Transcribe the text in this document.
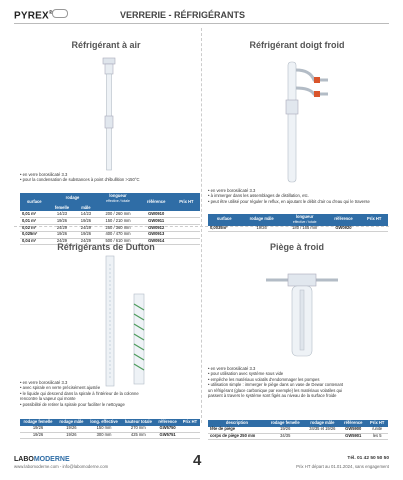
PYREX®	VERRERIE - RÉFRIGÉRANTS
Réfrigérant à air
• en verre borosilicaté 3.3
• pour la condensation de substances à point d'ébullition >150°C
surface	rodage		longueur
effective / totale	référence	Prix HT
	femelle	mâle			
0,01 m²	14/23	14/23	200 / 260 mm	GW0910	
0,01 m²	19/26	19/26	150 / 210 mm	GW0911	
0,02 m²	24/29	24/29	250 / 360 mm	GW0912	
0,025m²	19/26	19/26	400 / 470 mm	GW0913	
0,04 m²	24/29	24/29	500 / 610 mm	GW0914	
Réfrigérant doigt froid
• en verre borosilicaté 3.3
• à immerger dans les assemblages de distillation, etc.
• peut être utilisé pour réguler le reflux, en ajoutant le débit d'air ou d'eau qui le traverse
surface	rodage mâle	longueur
effective / totale	référence	Prix HT
0,0035m²	19/26	180 / 165 mm	GW0920	
Réfrigérants de Dufton
• en verre borosilicaté 3.3
• avec spirale en verre précisément ajustée
• le liquide qui descend dans la spirale à l'intérieur de la colonne rencontre la vapeur qui monte
• possibilité de retirer la spirale pour faciliter le nettoyage
rodage femelle	rodage mâle	long. effective	hauteur totale	référence	Prix HT
19/26	19/26	150 mm	270 mm	GW5750	
19/26	19/26	300 mm	425 mm	GW5751	
Piège à froid
• en verre borosilicaté 3.3
• pour utilisation avec système sous vide
• empêche les matériaux volatils d'endommager les pompes
• utilisation simple : immerger le piège dans un vase de Dewar contenant un réfrigérant (glace carbonique par exemple) les matériaux volatiles qui passent à travers le système sont figés au niveau de la surface froide
description	rodage femelle	rodage mâle	référence	Prix HT
tête de piège	19/26	34/35 et 19/26	GW5900	/unité
corps de piège 250 mm	34/35		GW5901	les 5
LABOMODERNE
www.labomoderne.com - info@labomoderne.com	4	Tél. 01 42 50 50 50
Prix HT départ au 01.01.2024, sans engagement
